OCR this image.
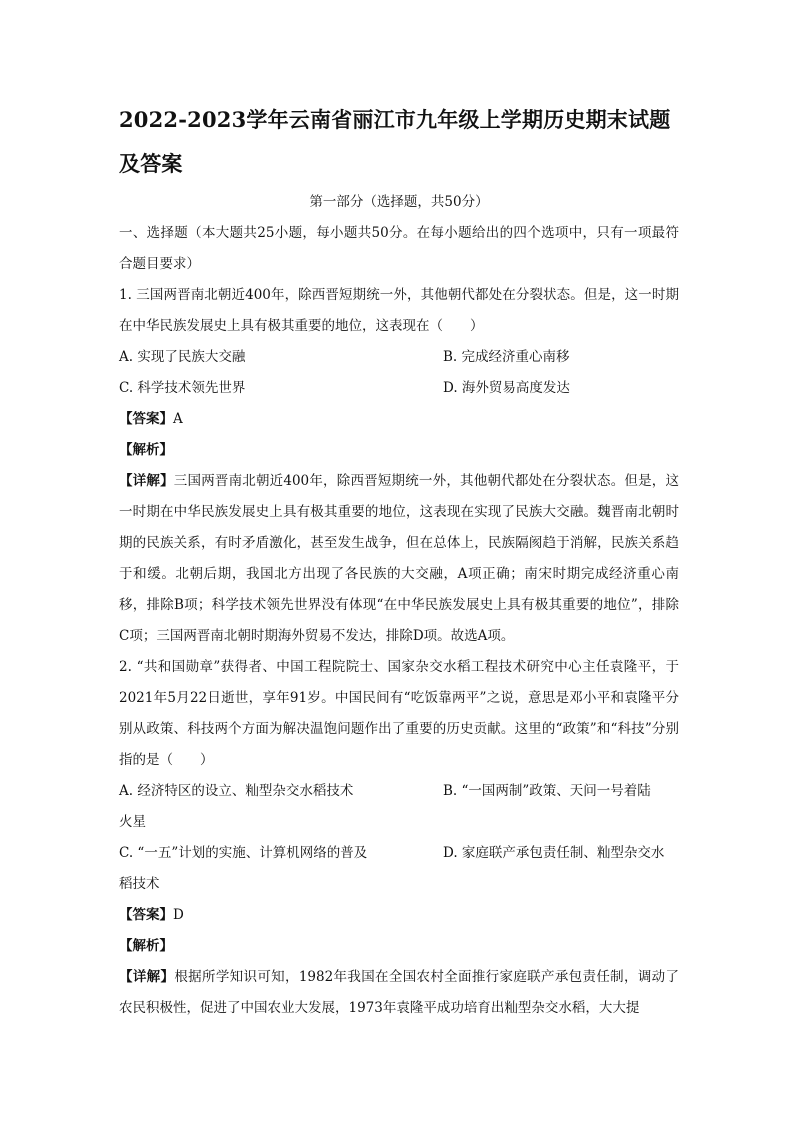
2022-2023学年云南省丽江市九年级上学期历史期末试题及答案
第一部分（选择题，共50分）

一、选择题（本大题共25小题，每小题共50分。在每小题给出的四个选项中，只有一项最符合题目要求）

1. 三国两晋南北朝近400年，除西晋短期统一外，其他朝代都处在分裂状态。但是，这一时期在中华民族发展史上具有极其重要的地位，这表现在（　　）

A. 实现了民族大交融	B. 完成经济重心南移
C. 科学技术领先世界	D. 海外贸易高度发达

【答案】A

【解析】

【详解】三国两晋南北朝近400年，除西晋短期统一外，其他朝代都处在分裂状态。但是，这一时期在中华民族发展史上具有极其重要的地位，这表现在实现了民族大交融。魏晋南北朝时期的民族关系，有时矛盾激化，甚至发生战争，但在总体上，民族隔阂趋于消解，民族关系趋于和缓。北朝后期，我国北方出现了各民族的大交融，A项正确；南宋时期完成经济重心南移，排除B项；科学技术领先世界没有体现“在中华民族发展史上具有极其重要的地位”，排除C项；三国两晋南北朝时期海外贸易不发达，排除D项。故选A项。

2. “共和国勋章”获得者、中国工程院院士、国家杂交水稻工程技术研究中心主任袁隆平，于2021年5月22日逝世，享年91岁。中国民间有“吃饭靠两平”之说，意思是邓小平和袁隆平分别从政策、科技两个方面为解决温饱问题作出了重要的历史贡献。这里的“政策”和“科技”分别指的是（　　）

A. 经济特区的设立、籼型杂交水稻技术	B. “一国两制”政策、天问一号着陆
火星
C. “一五”计划的实施、计算机网络的普及	D. 家庭联产承包责任制、籼型杂交水
稻技术

【答案】D

【解析】

【详解】根据所学知识可知，1982年我国在全国农村全面推行家庭联产承包责任制，调动了农民积极性，促进了中国农业大发展，1973年袁隆平成功培育出籼型杂交水稻，大大提
